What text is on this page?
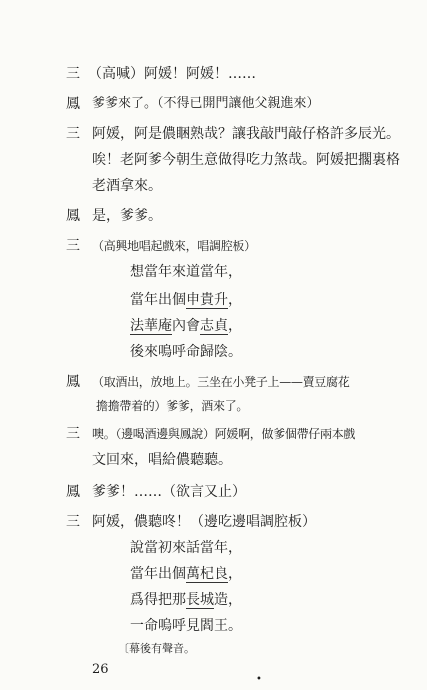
三 （高喊）阿媛！阿媛！……
鳳 爹爹來了。（不得已開門讓他父親進來）
三 阿媛，阿是儂睏熟哉？讓我敲門敲仔格許多辰光。
唉！老阿爹今朝生意做得吃力煞哉。阿媛把擱裏格
老酒拿來。
鳳 是，爹爹。
三 （高興地唱起戲來，唱調腔板）
想當年來道當年，
當年出個申貴升，
法華庵內會志貞，
後來鳴呼命歸陰。
鳳 （取酒出，放地上。三坐在小凳子上——賣豆腐花
擔擔帶着的）爹爹，酒來了。
三 噢。（邊喝酒邊與鳳說）阿媛啊，做爹個帶仔兩本戲
文回來，唱給儂聽聽。
鳳 爹爹！……（欲言又止）
三 阿媛，儂聽咚！（邊吃邊唱調腔板）
說當初來話當年，
當年出個萬杞良，
爲得把那長城造，
一命嗚呼見閻王。
〔幕後有聲音。
26
•
